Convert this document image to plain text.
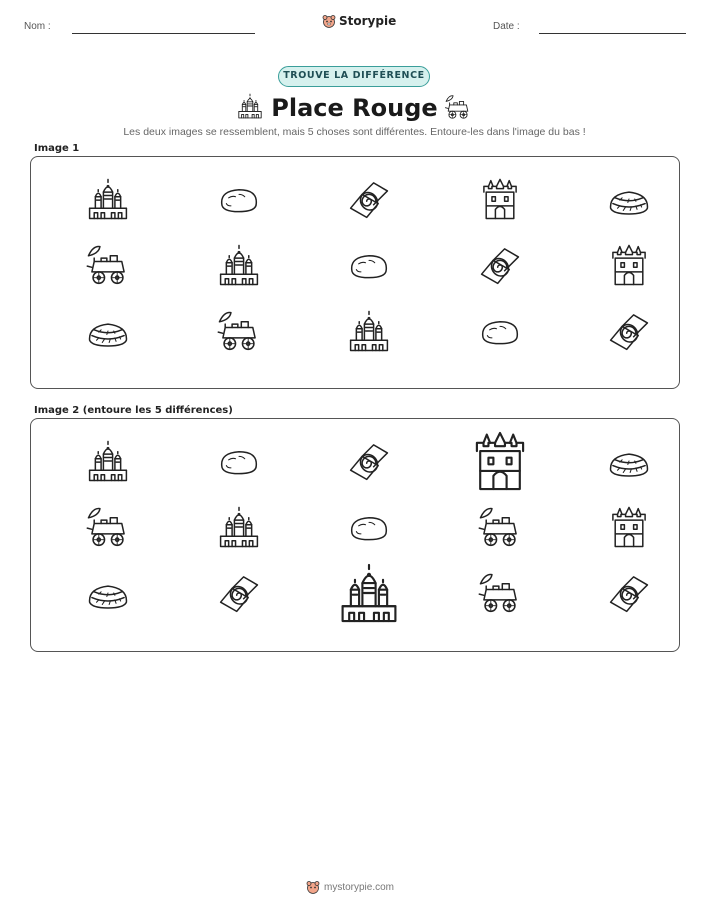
Nom :	Storypie	Date :
TROUVE LA DIFFÉRENCE
Place Rouge
Les deux images se ressemblent, mais 5 choses sont différentes. Entoure-les dans l'image du bas !
Image 1
Image 2 (entoure les 5 différences)
mystorypie.com
